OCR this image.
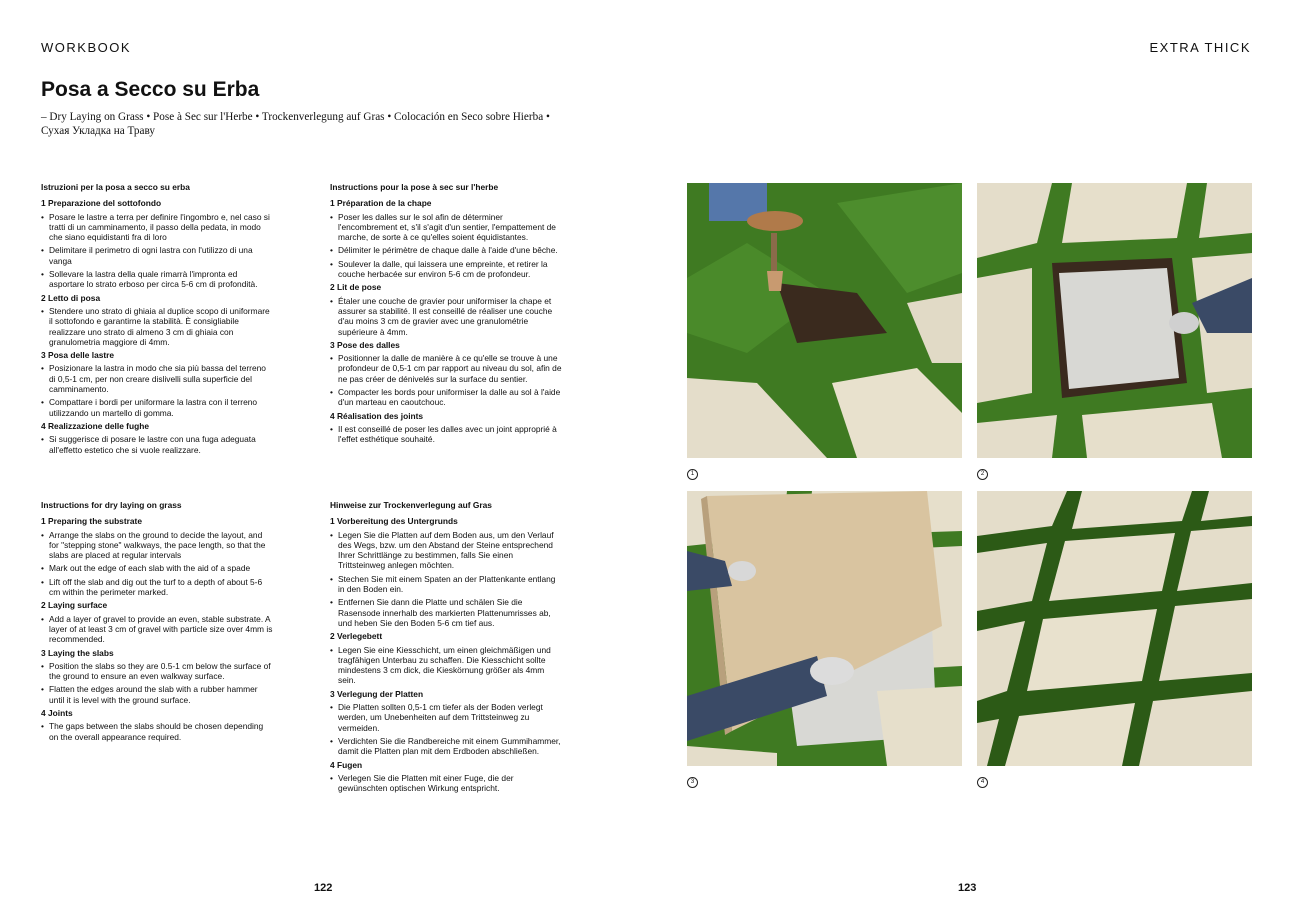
WORKBOOK	EXTRA THICK
Posa a Secco su Erba
– Dry Laying on Grass • Pose à Sec sur l'Herbe • Trockenverlegung auf Gras • Colocación en Seco sobre Hierba • Сухая Укладка на Траву
Istruzioni per la posa a secco su erba
1 Preparazione del sottofondo
• Posare le lastre a terra per definire l'ingombro e, nel caso si tratti di un camminamento, il passo della pedata, in modo che siano equidistanti fra di loro
• Delimitare il perimetro di ogni lastra con l'utilizzo di una vanga
• Sollevare la lastra della quale rimarrà l'impronta ed asportare lo strato erboso per circa 5-6 cm di profondità.
2 Letto di posa
• Stendere uno strato di ghiaia al duplice scopo di uniformare il sottofondo e garantirne la stabilità. È consigliabile realizzare uno strato di almeno 3 cm di ghiaia con granulometria maggiore di 4mm.
3 Posa delle lastre
• Posizionare la lastra in modo che sia più bassa del terreno di 0,5-1 cm, per non creare dislivelli sulla superficie del camminamento.
• Compattare i bordi per uniformare la lastra con il terreno utilizzando un martello di gomma.
4 Realizzazione delle fughe
• Si suggerisce di posare le lastre con una fuga adeguata all'effetto estetico che si vuole realizzare.
Instructions for dry laying on grass
1 Preparing the substrate
• Arrange the slabs on the ground to decide the layout, and for "stepping stone" walkways, the pace length, so that the slabs are placed at regular intervals
• Mark out the edge of each slab with the aid of a spade
• Lift off the slab and dig out the turf to a depth of about 5-6 cm within the perimeter marked.
2 Laying surface
• Add a layer of gravel to provide an even, stable substrate. A layer of at least 3 cm of gravel with particle size over 4mm is recommended.
3 Laying the slabs
• Position the slabs so they are 0.5-1 cm below the surface of the ground to ensure an even walkway surface.
• Flatten the edges around the slab with a rubber hammer until it is level with the ground surface.
4 Joints
• The gaps between the slabs should be chosen depending on the overall appearance required.
Instructions pour la pose à sec sur l'herbe
1 Préparation de la chape
• Poser les dalles sur le sol afin de déterminer l'encombrement et, s'il s'agit d'un sentier, l'empattement de marche, de sorte à ce qu'elles soient équidistantes.
• Délimiter le périmètre de chaque dalle à l'aide d'une bêche.
• Soulever la dalle, qui laissera une empreinte, et retirer la couche herbacée sur environ 5-6 cm de profondeur.
2 Lit de pose
• Étaler une couche de gravier pour uniformiser la chape et assurer sa stabilité. Il est conseillé de réaliser une couche d'au moins 3 cm de gravier avec une granulométrie supérieure à 4mm.
3 Pose des dalles
• Positionner la dalle de manière à ce qu'elle se trouve à une profondeur de 0,5-1 cm par rapport au niveau du sol, afin de ne pas créer de dénivelés sur la surface du sentier.
• Compacter les bords pour uniformiser la dalle au sol à l'aide d'un marteau en caoutchouc.
4 Réalisation des joints
• Il est conseillé de poser les dalles avec un joint approprié à l'effet esthétique souhaité.
Hinweise zur Trockenverlegung auf Gras
1 Vorbereitung des Untergrunds
• Legen Sie die Platten auf dem Boden aus, um den Verlauf des Wegs, bzw. um den Abstand der Steine entsprechend Ihrer Schrittlänge zu bestimmen, falls Sie einen Trittsteinweg anlegen möchten.
• Stechen Sie mit einem Spaten an der Plattenkante entlang in den Boden ein.
• Entfernen Sie dann die Platte und schälen Sie die Rasensode innerhalb des markierten Plattenumrisses ab, und heben Sie den Boden 5-6 cm tief aus.
2 Verlegebett
• Legen Sie eine Kiesschicht, um einen gleichmäßigen und tragfähigen Unterbau zu schaffen. Die Kiesschicht sollte mindestens 3 cm dick, die Kieskörnung größer als 4mm sein.
3 Verlegung der Platten
• Die Platten sollten 0,5-1 cm tiefer als der Boden verlegt werden, um Unebenheiten auf dem Trittsteinweg zu vermeiden.
• Verdichten Sie die Randbereiche mit einem Gummihammer, damit die Platten plan mit dem Erdboden abschließen.
4 Fugen
• Verlegen Sie die Platten mit einer Fuge, die der gewünschten optischen Wirkung entspricht.
1	2
3	4
122	123
